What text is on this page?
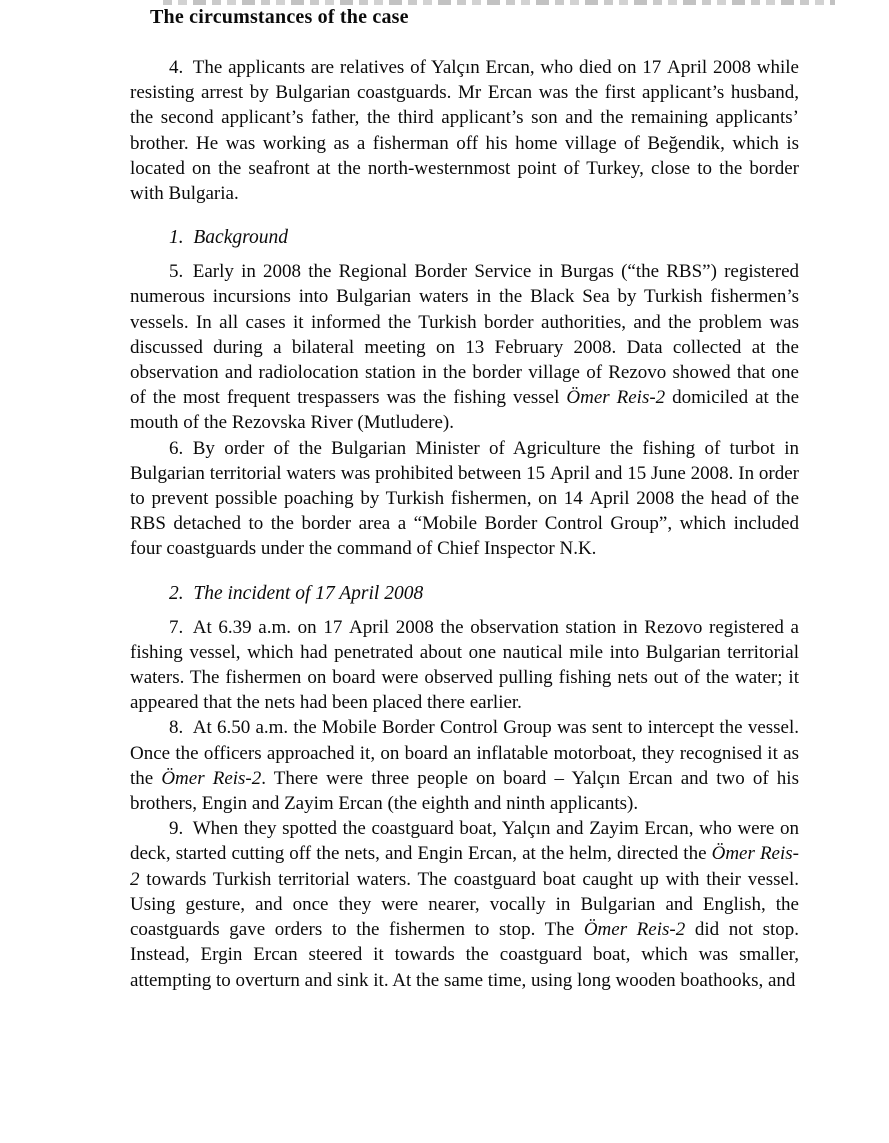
The circumstances of the case

4. The applicants are relatives of Yalçın Ercan, who died on 17 April 2008 while resisting arrest by Bulgarian coastguards. Mr Ercan was the first applicant’s husband, the second applicant’s father, the third applicant’s son and the remaining applicants’ brother. He was working as a fisherman off his home village of Beğendik, which is located on the seafront at the north-westernmost point of Turkey, close to the border with Bulgaria.

1. Background

5. Early in 2008 the Regional Border Service in Burgas (“the RBS”) registered numerous incursions into Bulgarian waters in the Black Sea by Turkish fishermen’s vessels. In all cases it informed the Turkish border authorities, and the problem was discussed during a bilateral meeting on 13 February 2008. Data collected at the observation and radiolocation station in the border village of Rezovo showed that one of the most frequent trespassers was the fishing vessel Ömer Reis-2 domiciled at the mouth of the Rezovska River (Mutludere).

6. By order of the Bulgarian Minister of Agriculture the fishing of turbot in Bulgarian territorial waters was prohibited between 15 April and 15 June 2008. In order to prevent possible poaching by Turkish fishermen, on 14 April 2008 the head of the RBS detached to the border area a “Mobile Border Control Group”, which included four coastguards under the command of Chief Inspector N.K.

2. The incident of 17 April 2008

7. At 6.39 a.m. on 17 April 2008 the observation station in Rezovo registered a fishing vessel, which had penetrated about one nautical mile into Bulgarian territorial waters. The fishermen on board were observed pulling fishing nets out of the water; it appeared that the nets had been placed there earlier.

8. At 6.50 a.m. the Mobile Border Control Group was sent to intercept the vessel. Once the officers approached it, on board an inflatable motorboat, they recognised it as the Ömer Reis-2. There were three people on board – Yalçın Ercan and two of his brothers, Engin and Zayim Ercan (the eighth and ninth applicants).

9. When they spotted the coastguard boat, Yalçın and Zayim Ercan, who were on deck, started cutting off the nets, and Engin Ercan, at the helm, directed the Ömer Reis-2 towards Turkish territorial waters. The coastguard boat caught up with their vessel. Using gesture, and once they were nearer, vocally in Bulgarian and English, the coastguards gave orders to the fishermen to stop. The Ömer Reis-2 did not stop. Instead, Ergin Ercan steered it towards the coastguard boat, which was smaller, attempting to overturn and sink it. At the same time, using long wooden boathooks, and
